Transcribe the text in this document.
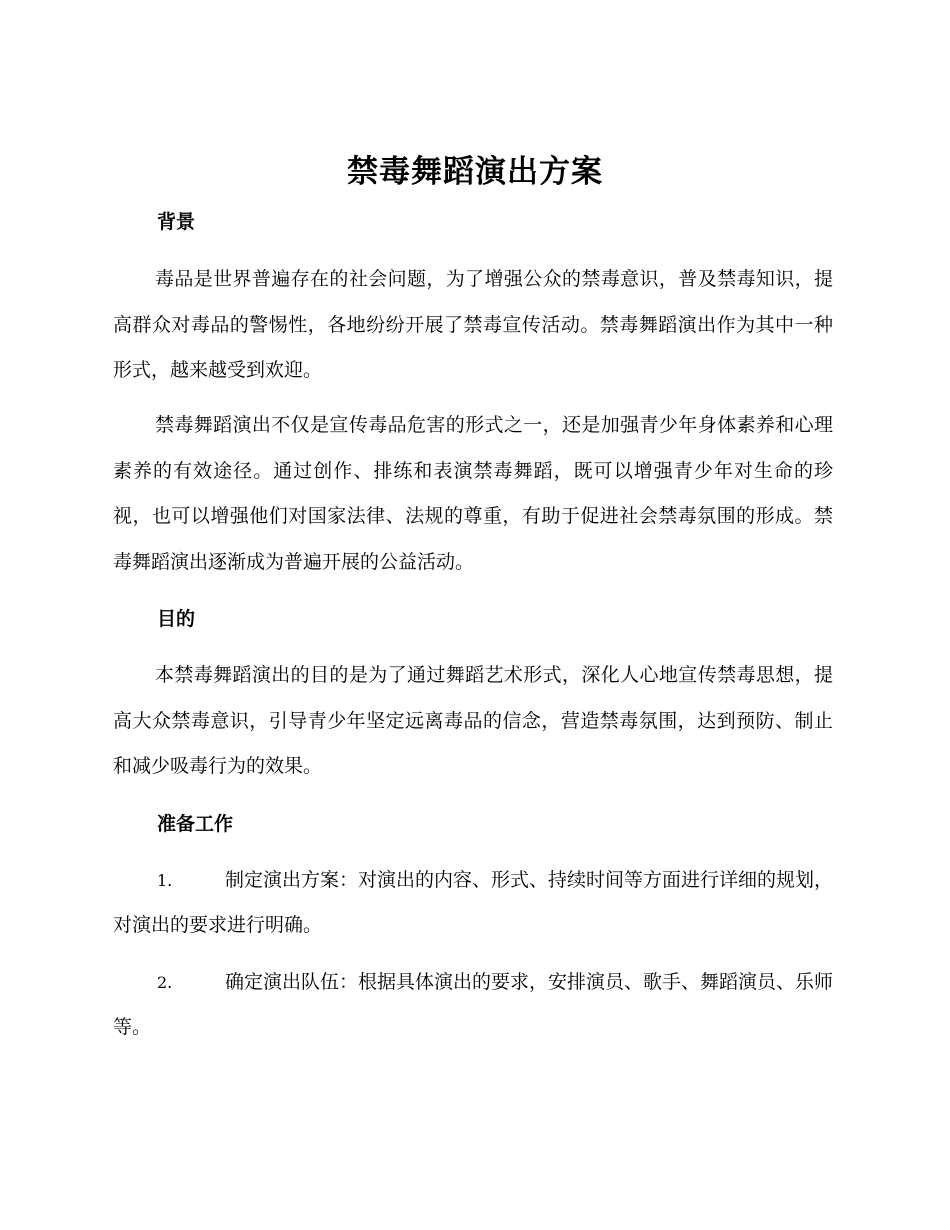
禁毒舞蹈演出方案
背景

毒品是世界普遍存在的社会问题，为了增强公众的禁毒意识，普及禁毒知识，提高群众对毒品的警惕性，各地纷纷开展了禁毒宣传活动。禁毒舞蹈演出作为其中一种形式，越来越受到欢迎。

禁毒舞蹈演出不仅是宣传毒品危害的形式之一，还是加强青少年身体素养和心理素养的有效途径。通过创作、排练和表演禁毒舞蹈，既可以增强青少年对生命的珍视，也可以增强他们对国家法律、法规的尊重，有助于促进社会禁毒氛围的形成。禁毒舞蹈演出逐渐成为普遍开展的公益活动。

目的

本禁毒舞蹈演出的目的是为了通过舞蹈艺术形式，深化人心地宣传禁毒思想，提高大众禁毒意识，引导青少年坚定远离毒品的信念，营造禁毒氛围，达到预防、制止和减少吸毒行为的效果。

准备工作

1.	制定演出方案：对演出的内容、形式、持续时间等方面进行详细的规划，对演出的要求进行明确。

2.	确定演出队伍：根据具体演出的要求，安排演员、歌手、舞蹈演员、乐师等。
